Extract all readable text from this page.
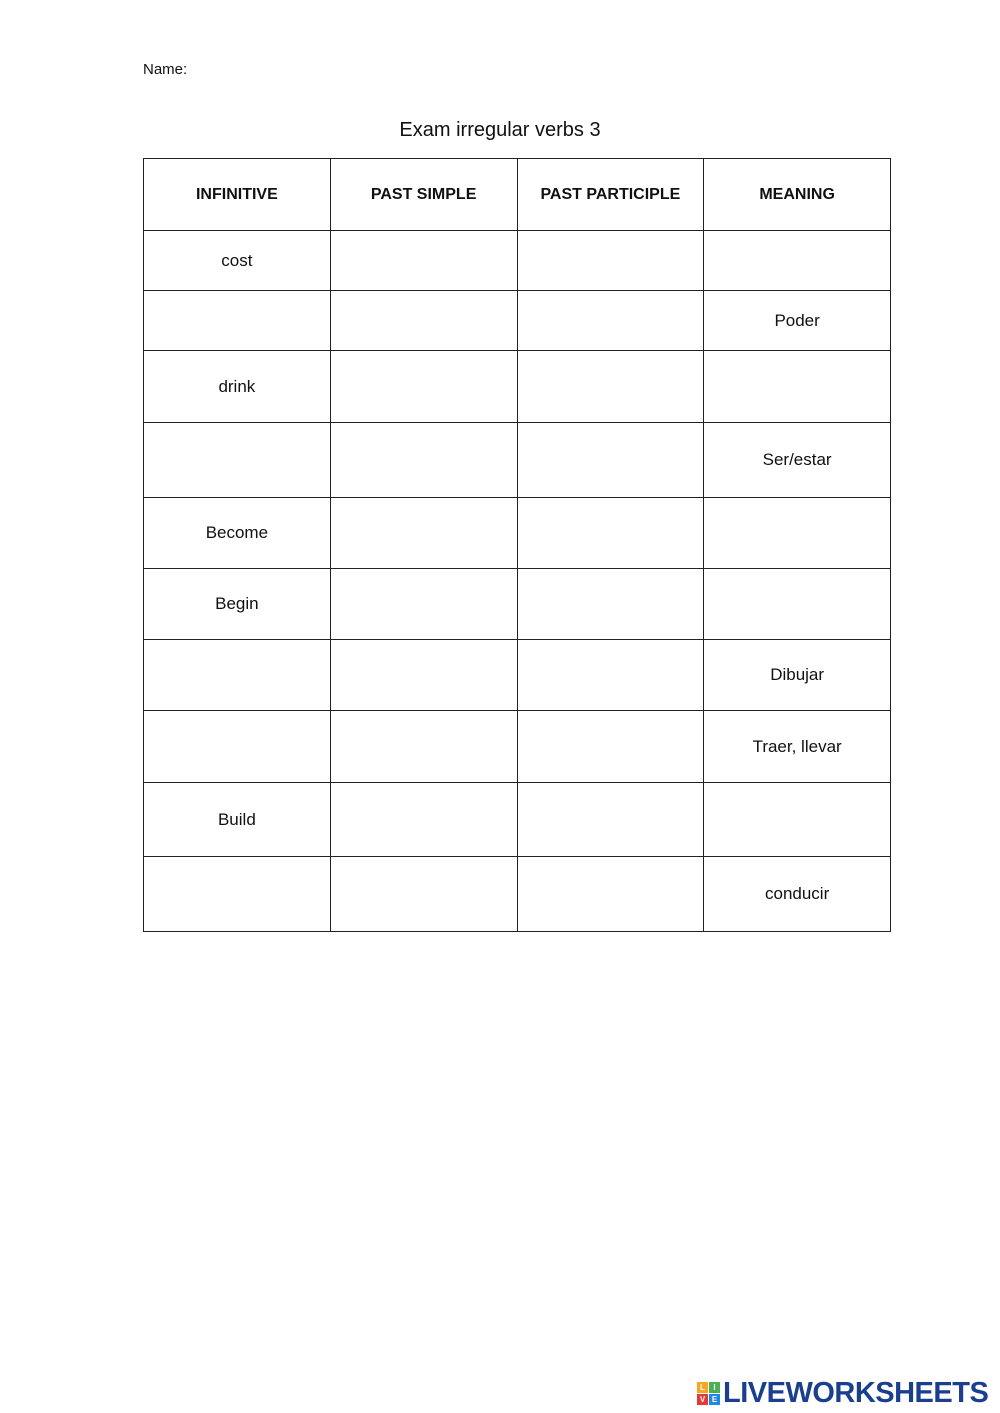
Name:
Exam irregular verbs 3
INFINITIVE	PAST SIMPLE	PAST PARTICIPLE	MEANING
cost			
			Poder
drink			
			Ser/estar
Become			
Begin			
			Dibujar
			Traer, llevar
Build			
			conducir
L	I
V E LIVEWORKSHEETS
